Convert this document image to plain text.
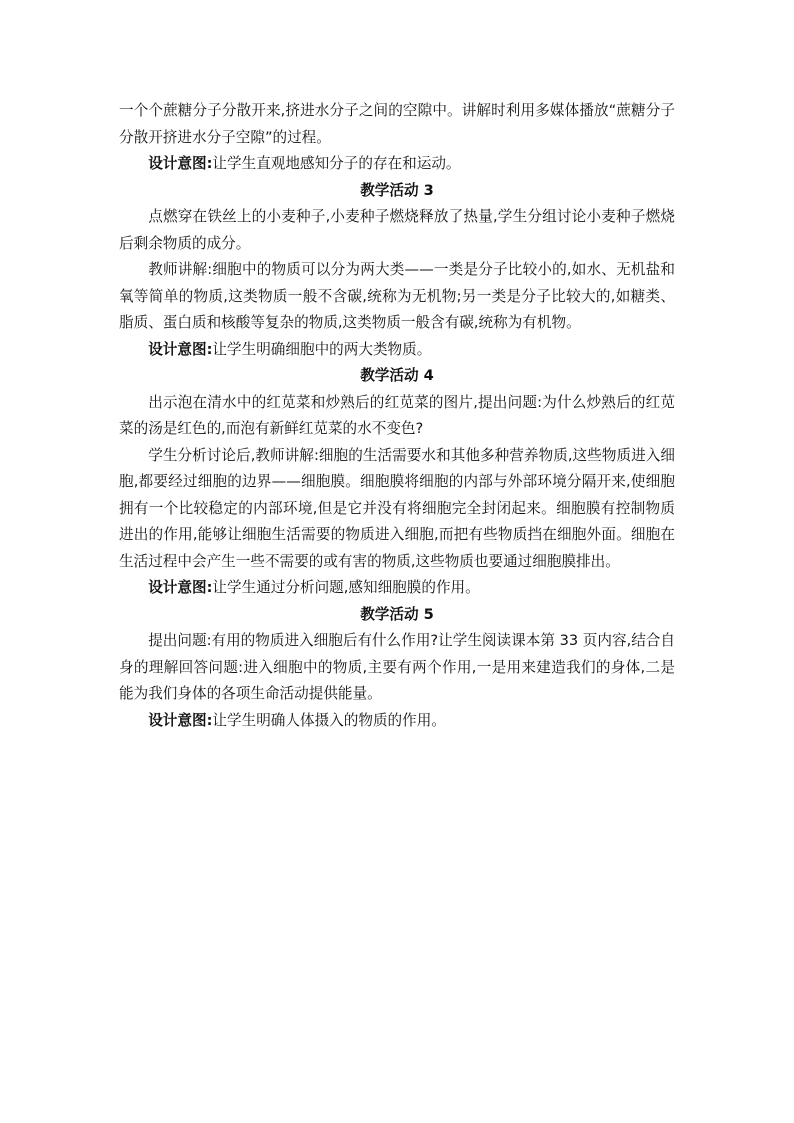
一个个蔗糖分子分散开来,挤进水分子之间的空隙中。讲解时利用多媒体播放“蔗糖分子分散开挤进水分子空隙”的过程。

设计意图:让学生直观地感知分子的存在和运动。

教学活动 3

点燃穿在铁丝上的小麦种子,小麦种子燃烧释放了热量,学生分组讨论小麦种子燃烧后剩余物质的成分。

教师讲解:细胞中的物质可以分为两大类——一类是分子比较小的,如水、无机盐和氧等简单的物质,这类物质一般不含碳,统称为无机物;另一类是分子比较大的,如糖类、脂质、蛋白质和核酸等复杂的物质,这类物质一般含有碳,统称为有机物。

设计意图:让学生明确细胞中的两大类物质。

教学活动 4

出示泡在清水中的红苋菜和炒熟后的红苋菜的图片,提出问题:为什么炒熟后的红苋菜的汤是红色的,而泡有新鲜红苋菜的水不变色?

学生分析讨论后,教师讲解:细胞的生活需要水和其他多种营养物质,这些物质进入细胞,都要经过细胞的边界——细胞膜。细胞膜将细胞的内部与外部环境分隔开来,使细胞拥有一个比较稳定的内部环境,但是它并没有将细胞完全封闭起来。细胞膜有控制物质进出的作用,能够让细胞生活需要的物质进入细胞,而把有些物质挡在细胞外面。细胞在生活过程中会产生一些不需要的或有害的物质,这些物质也要通过细胞膜排出。

设计意图:让学生通过分析问题,感知细胞膜的作用。

教学活动 5

提出问题:有用的物质进入细胞后有什么作用?让学生阅读课本第 33 页内容,结合自身的理解回答问题:进入细胞中的物质,主要有两个作用,一是用来建造我们的身体,二是能为我们身体的各项生命活动提供能量。

设计意图:让学生明确人体摄入的物质的作用。
